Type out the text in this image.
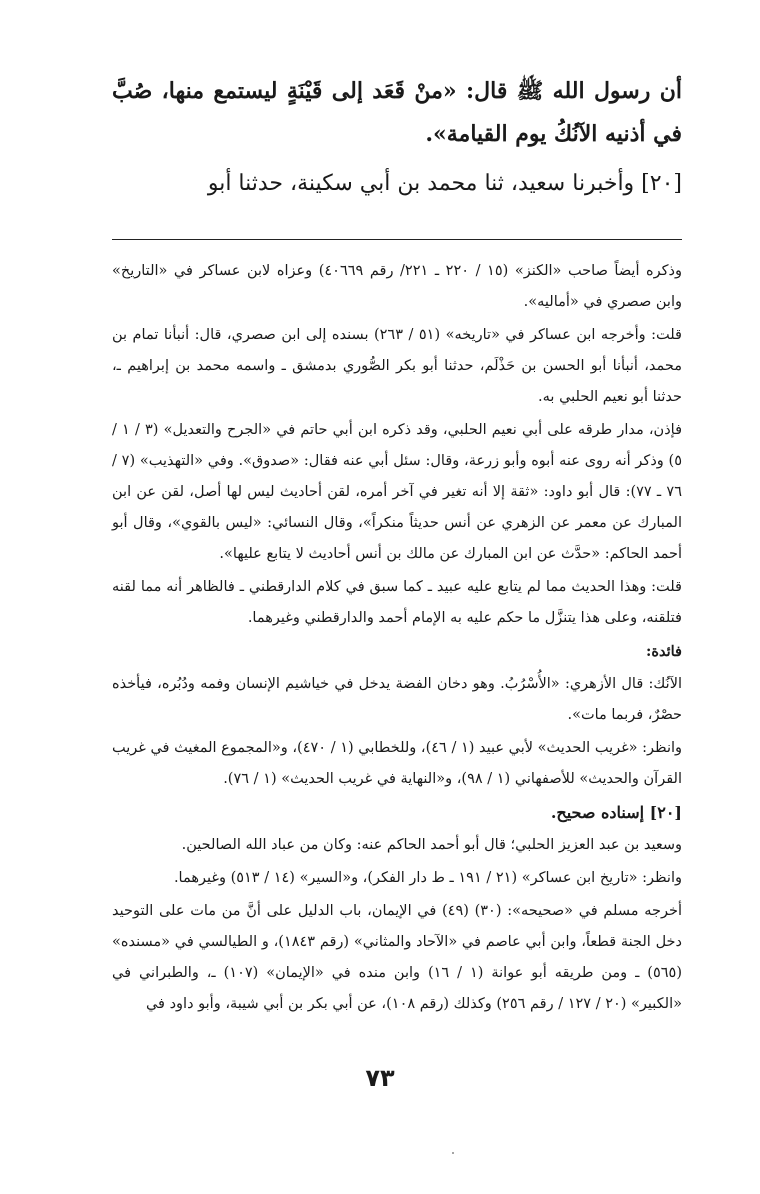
أن رسول الله ﷺ قال: «منْ قَعَد إلى قَيْنَةٍ ليستمع منها، صُبَّ في أذنيه الآنُكُ يوم القيامة».

[٢٠] وأخبرنا سعيد، ثنا محمد بن أبي سكينة، حدثنا أبو

وذكره أيضاً صاحب «الكنز» (١٥ / ٢٢٠ ـ ٢٢١/ رقم ٤٠٦٦٩) وعزاه لابن عساكر في «التاريخ» وابن صصري في «أماليه».

قلت: وأخرجه ابن عساكر في «تاريخه» (٥١ / ٢٦٣) بسنده إلى ابن صصري، قال: أنبأنا تمام بن محمد، أنبأنا أبو الحسن بن حَذْلَم، حدثنا أبو بكر الصُّوري بدمشق ـ واسمه محمد بن إبراهيم ـ، حدثنا أبو نعيم الحلبي به.

فإذن، مدار طرقه على أبي نعيم الحلبي، وقد ذكره ابن أبي حاتم في «الجرح والتعديل» (٣ / ١ / ٥) وذكر أنه روى عنه أبوه وأبو زرعة، وقال: سئل أبي عنه فقال: «صدوق». وفي «التهذيب» (٧ / ٧٦ ـ ٧٧): قال أبو داود: «ثقة إلا أنه تغير في آخر أمره، لقن أحاديث ليس لها أصل، لقن عن ابن المبارك عن معمر عن الزهري عن أنس حديثاً منكراً»، وقال النسائي: «ليس بالقوي»، وقال أبو أحمد الحاكم: «حدَّث عن ابن المبارك عن مالك بن أنس أحاديث لا يتابع عليها».

قلت: وهذا الحديث مما لم يتابع عليه عبيد ـ كما سبق في كلام الدارقطني ـ فالظاهر أنه مما لقنه فتلقنه، وعلى هذا يتنزَّل ما حكم عليه به الإمام أحمد والدارقطني وغيرهما.

فائدة:

الآنُك: قال الأزهري: «الأُسْرُبُ. وهو دخان الفضة يدخل في خياشيم الإنسان وفمه ودُبُره، فيأخذه حصْرٌ، فربما مات».

وانظر: «غريب الحديث» لأبي عبيد (١ / ٤٦)، وللخطابي (١ / ٤٧٠)، و«المجموع المغيث في غريب القرآن والحديث» للأصفهاني (١ / ٩٨)، و«النهاية في غريب الحديث» (١ / ٧٦).

[٢٠] إسناده صحيح.

وسعيد بن عبد العزيز الحلبي؛ قال أبو أحمد الحاكم عنه: وكان من عباد الله الصالحين.

وانظر: «تاريخ ابن عساكر» (٢١ / ١٩١ ـ ط دار الفكر)، و«السير» (١٤ / ٥١٣) وغيرهما.

أخرجه مسلم في «صحيحه»: (٣٠) (٤٩) في الإيمان، باب الدليل على أنَّ من مات على التوحيد دخل الجنة قطعاً، وابن أبي عاصم في «الآحاد والمثاني» (رقم ١٨٤٣)، و الطيالسي في «مسنده» (٥٦٥) ـ ومن طريقه أبو عوانة (١ / ١٦) وابن منده في «الإيمان» (١٠٧) ـ، والطبراني في «الكبير» (٢٠ / ١٢٧ / رقم ٢٥٦) وكذلك (رقم ١٠٨)، عن أبي بكر بن أبي شيبة، وأبو داود في

٧٣
